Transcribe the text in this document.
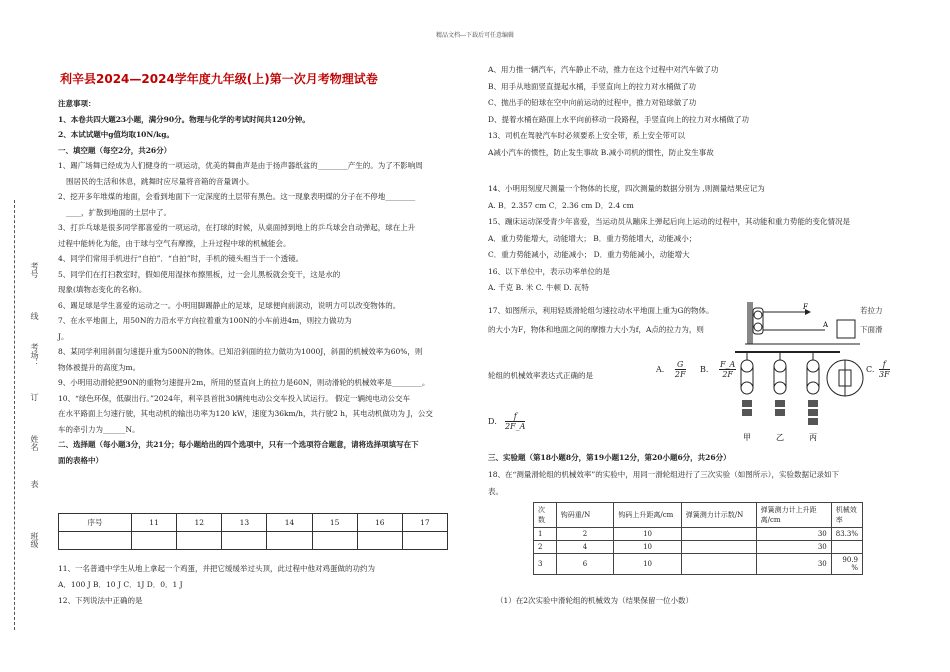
精品文档---下载后可任意编辑
考号
线
考场：
订
姓名
表
班级
利辛县2024—2024学年度九年级(上)第一次月考物理试卷

注意事项：

1、本卷共四大题23小题，满分90分。物理与化学的考试时间共120分钟。

2、本试试题中g值均取10N/kg。

一、填空题（每空2分，共26分）

1、踢广场舞已经成为人们健身的一项运动，优美的舞曲声是由于扬声器纸盆的________产生的。为了不影响周

围居民的生活和休息，跳舞时应尽量将音箱的音量调小。

2、挖开多年堆煤的地面，会看到地面下一定深度的土层带有黑色。这一现象表明煤的分子在不停地________

____，扩散到地面的土层中了。

3、打乒乓球是很多同学都喜爱的一项运动，在打球的时候，从桌面掉到地上的乒乓球会自动弹起，球在上升

过程中能转化为能，由于球与空气有摩擦，上升过程中球的机械能会。

4、同学们常用手机进行“自拍”．“自拍”时，手机的镜头相当于一个透镜。

5、同学们在打扫教室时，假如使用湿抹布擦黑板，过一会儿黑板就会变干，这是水的

现象(填物态变化的名称)。

6、踢足球是学生喜爱的运动之一。小明用脚踢静止的足球，足球便向前滚动，说明力可以改变物体的。

7、在水平地面上，用50N的力沿水平方向拉着重为100N的小车前进4m，则拉力做功为

J。

8、某同学利用斜面匀速提升重为500N的物体。已知沿斜面的拉力做功为1000J，斜面的机械效率为60%，则

物体被提升的高度为m。

9、小明用动滑轮把90N的重物匀速提升2m，所用的竖直向上的拉力是60N，则动滑轮的机械效率是________。

10、“绿色环保，低碳出行。”2024年，利辛县首批30辆纯电动公交车投入试运行。 假定一辆纯电动公交车

在水平路面上匀速行驶，其电动机的输出功率为120 kW，速度为36km/h，共行驶2 h，其电动机做功为 J，公交

车的牵引力为______N。

二、选择题（每小题3分，共21分；每小题给出的四个选项中，只有一个选项符合题意，请将选择项填写在下

面的表格中）

序号	11	12	13	14	15	16	17

11、一名普通中学生从地上拿起一个鸡蛋，并把它缓缓举过头顶，此过程中他对鸡蛋做的功约为

A．100 J B．10 J C．1J D．0．1 J

12、下列说法中正确的是

A、用力推一辆汽车，汽车静止不动，推力在这个过程中对汽车做了功

B、用手从地面竖直提起水桶，手竖直向上的拉力对水桶做了功

C、抛出手的铅球在空中向前运动的过程中，推力对铅球做了功

D、提着水桶在路面上水平向前移动一段路程，手竖直向上的拉力对水桶做了功

13、司机在驾驶汽车时必须要系上安全带，系上安全带可以

A减小汽车的惯性，防止发生事故 B.减小司机的惯性，防止发生事故

14、小明用刻度尺测量一个物体的长度，四次测量的数据分别为 ,则测量结果应记为

A. B．2.357 cm C．2.36 cm D．2.4 cm

15、蹦床运动深受青少年喜爱，当运动员从蹦床上弹起后向上运动的过程中，其动能和重力势能的变化情况是

A．重力势能增大，动能增大； B．重力势能增大，动能减小；

C．重力势能减小，动能减小； D．重力势能减小，动能增大

16、以下单位中，表示功率单位的是

A. 千克 B. 米 C. 牛顿 D. 瓦特

17、如图所示，利用轻质滑轮组匀速拉动水平地面上重为G的物体。	若拉力

的大小为F，物体和地面之间的摩擦力大小为f，A点的拉力为，则	下面滑

轮组的机械效率表达式正确的是

F
A
A. $\frac{G}{2F} B$. $\frac{F\_A}{2F}$	C. $\frac{f}{3F}$
D． $\frac{f}{2F\_A}$
甲	乙	丙

三、实验题（第18小题8分，第19小题12分，第20小题6分，共26分）

18、在“测量滑轮组的机械效率”的实验中，用同一滑轮组进行了三次实验（如图所示），实验数据记录如下

表。

次数	钩码重/N	钩码上升距离/cm	弹簧测力计示数/N	弹簧测力计上升距离/cm	机械效率
1	2	10		30	83.3%
2	4	10		30	
3	6	10		30	90.9 %

（1）在2次实验中滑轮组的机械效为（结果保留一位小数）
